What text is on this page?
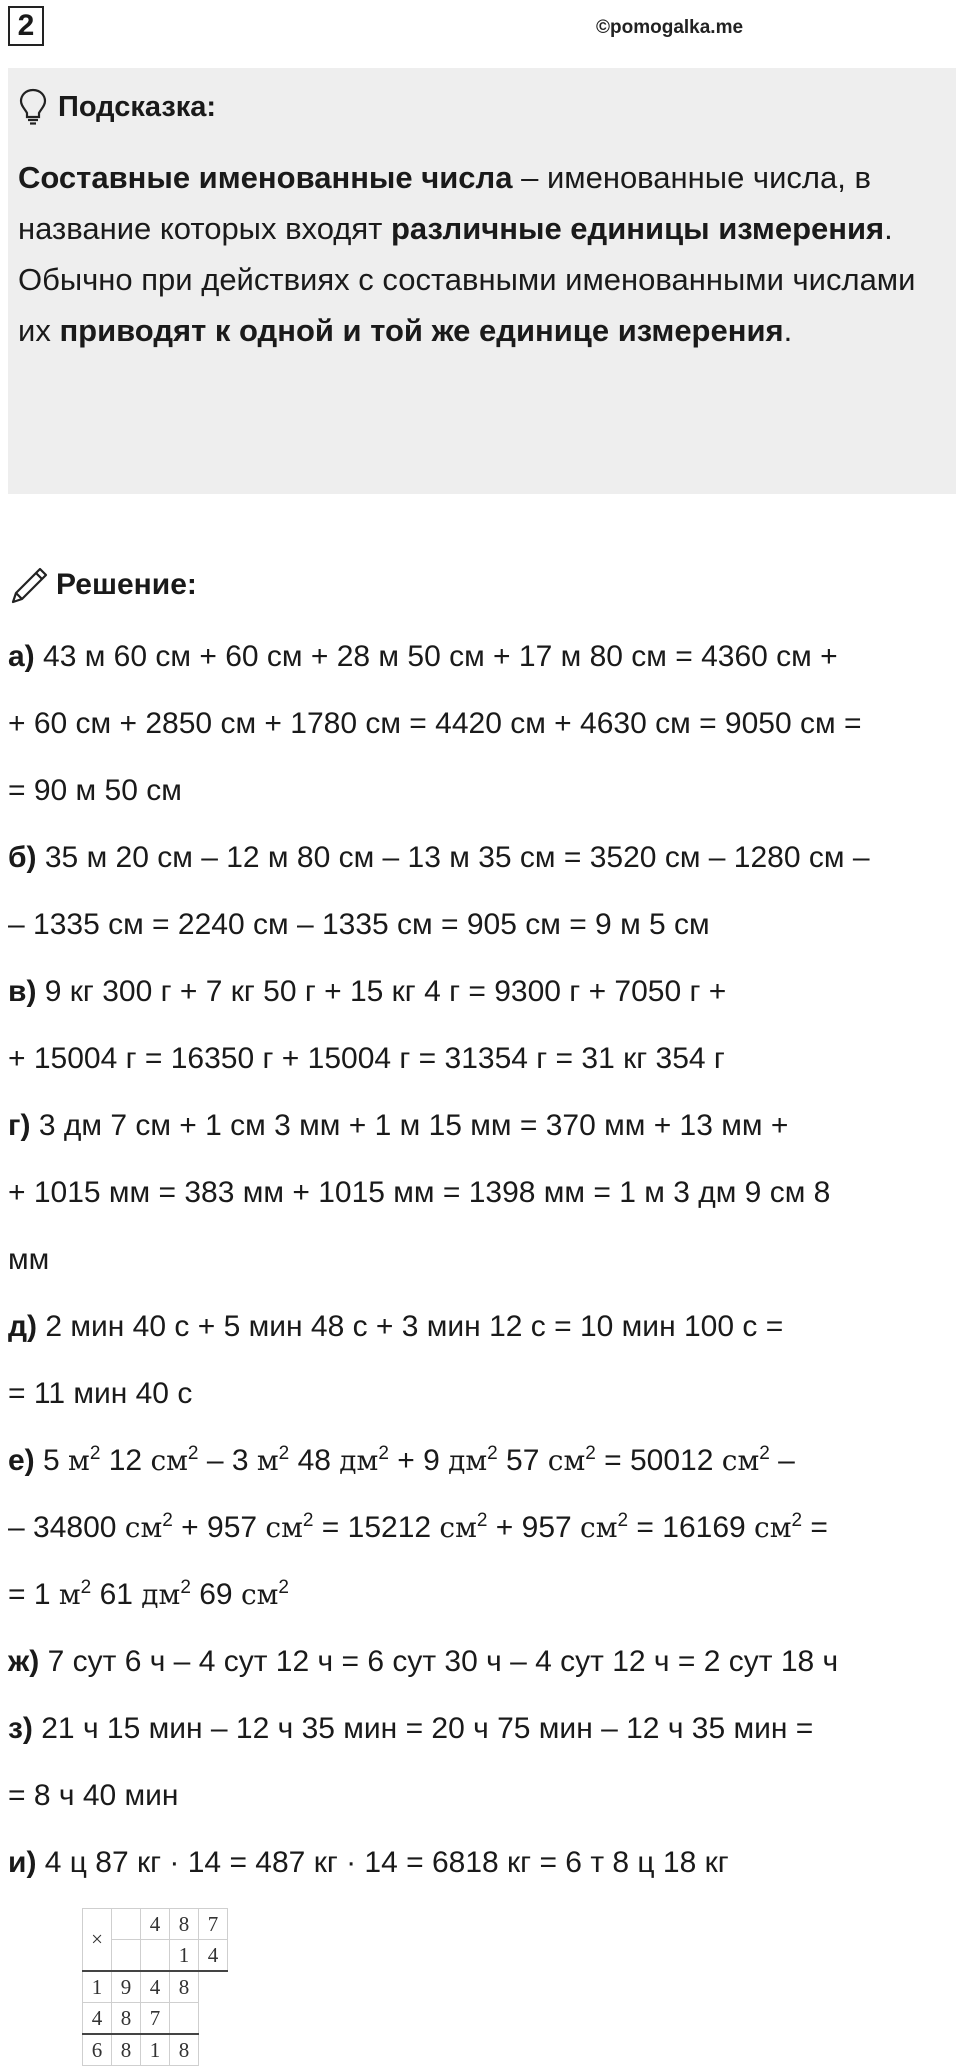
2	©pomogalka.me
Подсказка:
Составные именованные числа – именованные числа, в название которых входят различные единицы измерения.
Обычно при действиях с составными именованными числами их приводят к одной и той же единице измерения.
Решение:
а) 43 м 60 см + 60 см + 28 м 50 см + 17 м 80 см = 4360 см +
+ 60 см + 2850 см + 1780 см = 4420 см + 4630 см = 9050 см =
= 90 м 50 см
б) 35 м 20 см – 12 м 80 см – 13 м 35 см = 3520 см – 1280 см –
– 1335 см = 2240 см – 1335 см = 905 см = 9 м 5 см
в) 9 кг 300 г + 7 кг 50 г + 15 кг 4 г = 9300 г + 7050 г +
+ 15004 г = 16350 г + 15004 г = 31354 г = 31 кг 354 г
г) 3 дм 7 см + 1 см 3 мм + 1 м 15 мм = 370 мм + 13 мм +
+ 1015 мм = 383 мм + 1015 мм = 1398 мм = 1 м 3 дм 9 см 8
мм
д) 2 мин 40 с + 5 мин 48 с + 3 мин 12 с = 10 мин 100 с =
= 11 мин 40 с
е) 5 $м^2$ 12 $см^2 - 3$ $м^2$ 48 $дм^2 + 9$ $дм^2$ 57 $см^2 = 50012$ $см^2$ –
– 34800 $см^2 + 957$ $см^2 = 15212$ $см^2 + 957$ $см^2 = 16169$ $см^2$ =
= 1 $м^2$ 61 $дм^2$ 69 $см^2$
ж) 7 сут 6 ч – 4 сут 12 ч = 6 сут 30 ч – 4 сут 12 ч = 2 сут 18 ч
з) 21 ч 15 мин – 12 ч 35 мин = 20 ч 75 мин – 12 ч 35 мин =
= 8 ч 40 мин
и) 4 ц 87 кг · 14 = 487 кг · 14 = 6818 кг = 6 т 8 ц 18 кг
×		4	8	7
			1	4
1	9	4	8	
4	8	7		
6	8	1	8	
